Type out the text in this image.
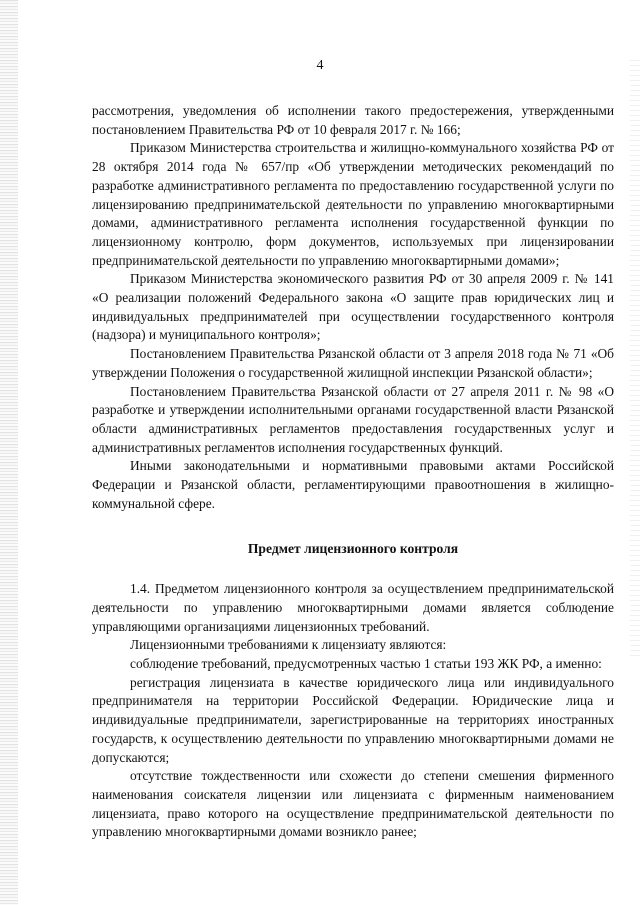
4

рассмотрения, уведомления об исполнении такого предостережения, утвержденными постановлением Правительства РФ от 10 февраля 2017 г. № 166;

Приказом Министерства строительства и жилищно-коммунального хозяйства РФ от 28 октября 2014 года № 657/пр «Об утверждении методических рекомендаций по разработке административного регламента по предоставлению государственной услуги по лицензированию предпринимательской деятельности по управлению многоквартирными домами, административного регламента исполнения государственной функции по лицензионному контролю, форм документов, используемых при лицензировании предпринимательской деятельности по управлению многоквартирными домами»;

Приказом Министерства экономического развития РФ от 30 апреля 2009 г. № 141 «О реализации положений Федерального закона «О защите прав юридических лиц и индивидуальных предпринимателей при осуществлении государственного контроля (надзора) и муниципального контроля»;

Постановлением Правительства Рязанской области от 3 апреля 2018 года № 71 «Об утверждении Положения о государственной жилищной инспекции Рязанской области»;

Постановлением Правительства Рязанской области от 27 апреля 2011 г. № 98 «О разработке и утверждении исполнительными органами государственной власти Рязанской области административных регламентов предоставления государственных услуг и административных регламентов исполнения государственных функций.

Иными законодательными и нормативными правовыми актами Российской Федерации и Рязанской области, регламентирующими правоотношения в жилищно-коммунальной сфере.

Предмет лицензионного контроля

1.4. Предметом лицензионного контроля за осуществлением предпринимательской деятельности по управлению многоквартирными домами является соблюдение управляющими организациями лицензионных требований.

Лицензионными требованиями к лицензиату являются:

соблюдение требований, предусмотренных частью 1 статьи 193 ЖК РФ, а именно:

регистрация лицензиата в качестве юридического лица или индивидуального предпринимателя на территории Российской Федерации. Юридические лица и индивидуальные предприниматели, зарегистрированные на территориях иностранных государств, к осуществлению деятельности по управлению многоквартирными домами не допускаются;

отсутствие тождественности или схожести до степени смешения фирменного наименования соискателя лицензии или лицензиата с фирменным наименованием лицензиата, право которого на осуществление предпринимательской деятельности по управлению многоквартирными домами возникло ранее;
